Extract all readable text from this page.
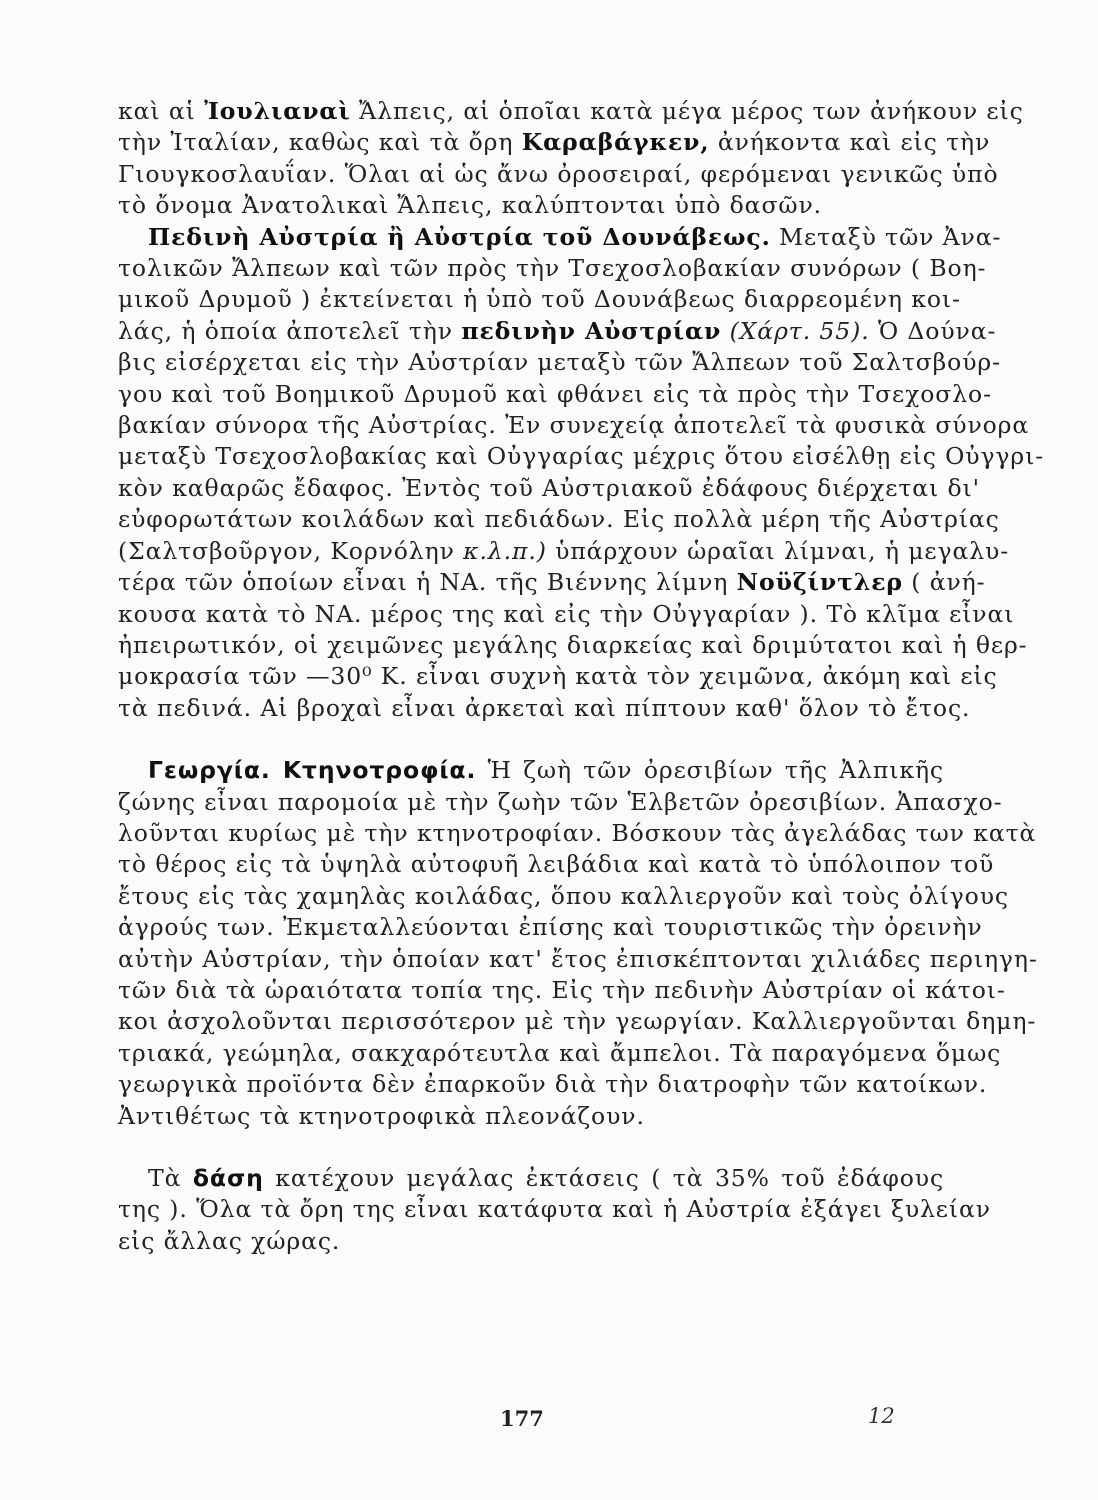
καὶ αἱ Ἰουλιαναὶ Ἄλπεις, αἱ ὁποῖαι κατὰ μέγα μέρος των ἀνήκουν εἰς
τὴν Ἰταλίαν, καθὼς καὶ τὰ ὄρη Καραβάγκεν, ἀνήκοντα καὶ εἰς τὴν
Γιουγκοσλαυΐαν. Ὅλαι αἱ ὡς ἄνω ὀροσειραί, φερόμεναι γενικῶς ὑπὸ
τὸ ὄνομα Ἀνατολικαὶ Ἄλπεις, καλύπτονται ὑπὸ δασῶν.
Πεδινὴ Αὐστρία ἢ Αὐστρία τοῦ Δουνάβεως. Μεταξὺ τῶν Ἀνα-
τολικῶν Ἄλπεων καὶ τῶν πρὸς τὴν Τσεχοσλοβακίαν συνόρων ( Βοη-
μικοῦ Δρυμοῦ ) ἐκτείνεται ἡ ὑπὸ τοῦ Δουνάβεως διαρρεομένη κοι-
λάς, ἡ ὁποία ἀποτελεῖ τὴν πεδινὴν Αὐστρίαν (Χάρτ. 55). Ὁ Δούνα-
βις εἰσέρχεται εἰς τὴν Αὐστρίαν μεταξὺ τῶν Ἄλπεων τοῦ Σαλτσβούρ-
γου καὶ τοῦ Βοημικοῦ Δρυμοῦ καὶ φθάνει εἰς τὰ πρὸς τὴν Τσεχοσλο-
βακίαν σύνορα τῆς Αὐστρίας. Ἐν συνεχείᾳ ἀποτελεῖ τὰ φυσικὰ σύνορα
μεταξὺ Τσεχοσλοβακίας καὶ Οὐγγαρίας μέχρις ὅτου εἰσέλθῃ εἰς Οὐγγρι-
κὸν καθαρῶς ἔδαφος. Ἐντὸς τοῦ Αὐστριακοῦ ἐδάφους διέρχεται δι'
εὐφορωτάτων κοιλάδων καὶ πεδιάδων. Εἰς πολλὰ μέρη τῆς Αὐστρίας
(Σαλτσβοῦργον, Κορνόλην κ.λ.π.) ὑπάρχουν ὡραῖαι λίμναι, ἡ μεγαλυ-
τέρα τῶν ὁποίων εἶναι ἡ ΝΑ. τῆς Βιέννης λίμνη Νοϋζίντλερ ( ἀνή-
κουσα κατὰ τὸ ΝΑ. μέρος της καὶ εἰς τὴν Οὐγγαρίαν ). Τὸ κλῖμα εἶναι
ἠπειρωτικόν, οἱ χειμῶνες μεγάλης διαρκείας καὶ δριμύτατοι καὶ ἡ θερ-
μοκρασία τῶν —30⁰ Κ. εἶναι συχνὴ κατὰ τὸν χειμῶνα, ἀκόμη καὶ εἰς
τὰ πεδινά. Αἱ βροχαὶ εἶναι ἀρκεταὶ καὶ πίπτουν καθ' ὅλον τὸ ἔτος.
Γεωργία. Κτηνοτροφία. Ἡ ζωὴ τῶν ὀρεσιβίων τῆς Ἀλπικῆς
ζώνης εἶναι παρομοία μὲ τὴν ζωὴν τῶν Ἑλβετῶν ὀρεσιβίων. Ἀπασχο-
λοῦνται κυρίως μὲ τὴν κτηνοτροφίαν. Βόσκουν τὰς ἀγελάδας των κατὰ
τὸ θέρος εἰς τὰ ὑψηλὰ αὐτοφυῆ λειβάδια καὶ κατὰ τὸ ὑπόλοιπον τοῦ
ἔτους εἰς τὰς χαμηλὰς κοιλάδας, ὅπου καλλιεργοῦν καὶ τοὺς ὀλίγους
ἀγρούς των. Ἐκμεταλλεύονται ἐπίσης καὶ τουριστικῶς τὴν ὀρεινὴν
αὐτὴν Αὐστρίαν, τὴν ὁποίαν κατ' ἔτος ἐπισκέπτονται χιλιάδες περιηγη-
τῶν διὰ τὰ ὡραιότατα τοπία της. Εἰς τὴν πεδινὴν Αὐστρίαν οἱ κάτοι-
κοι ἀσχολοῦνται περισσότερον μὲ τὴν γεωργίαν. Καλλιεργοῦνται δημη-
τριακά, γεώμηλα, σακχαρότευτλα καὶ ἄμπελοι. Τὰ παραγόμενα ὅμως
γεωργικὰ προϊόντα δὲν ἐπαρκοῦν διὰ τὴν διατροφὴν τῶν κατοίκων.
Ἀντιθέτως τὰ κτηνοτροφικὰ πλεονάζουν.
Τὰ δάση κατέχουν μεγάλας ἐκτάσεις ( τὰ 35% τοῦ ἐδάφους
της ). Ὅλα τὰ ὄρη της εἶναι κατάφυτα καὶ ἡ Αὐστρία ἐξάγει ξυλείαν
εἰς ἄλλας χώρας.
177	12
